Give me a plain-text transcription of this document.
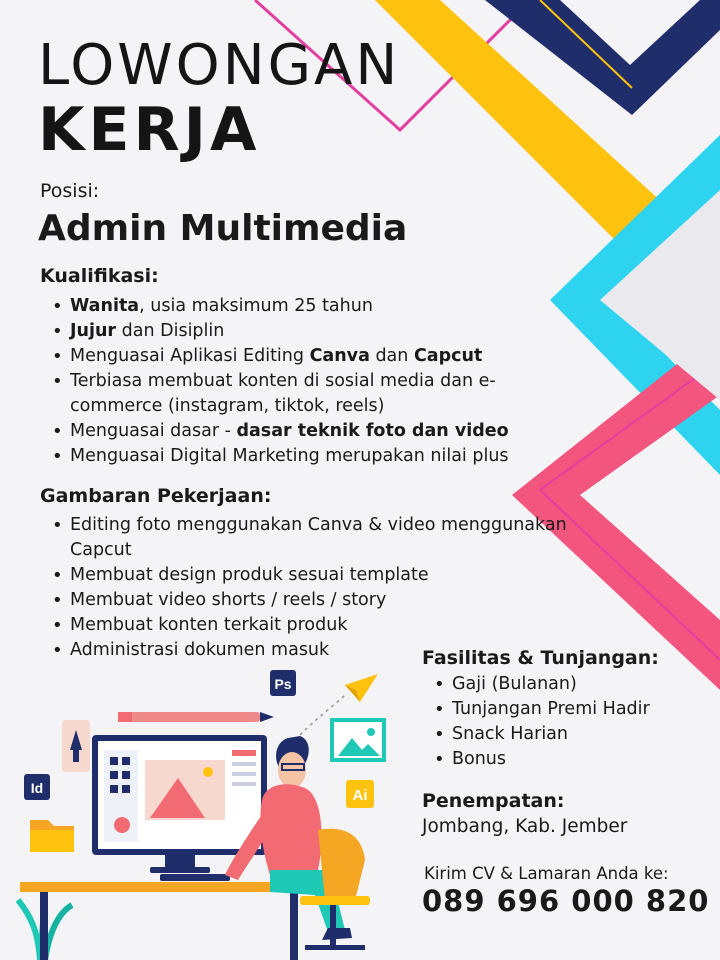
LOWONGAN
KERJA
Posisi:
Admin Multimedia
Kualifikasi:
• Wanita, usia maksimum 25 tahun
• Jujur dan Disiplin
• Menguasai Aplikasi Editing Canva dan Capcut
• Terbiasa membuat konten di sosial media dan e-commerce (instagram, tiktok, reels)
• Menguasai dasar - dasar teknik foto dan video
• Menguasai Digital Marketing merupakan nilai plus
Gambaran Pekerjaan:
• Editing foto menggunakan Canva & video menggunakan Capcut
• Membuat design produk sesuai template
• Membuat video shorts / reels / story
• Membuat konten terkait produk
• Administrasi dokumen masuk	Fasilitas & Tunjangan:
• Gaji (Bulanan)
• Tunjangan Premi Hadir
• Snack Harian
• Bonus
Penempatan:
Jombang, Kab. Jember
Kirim CV & Lamaran Anda ke:
089 696 000 820
Ps
Id	Ai
